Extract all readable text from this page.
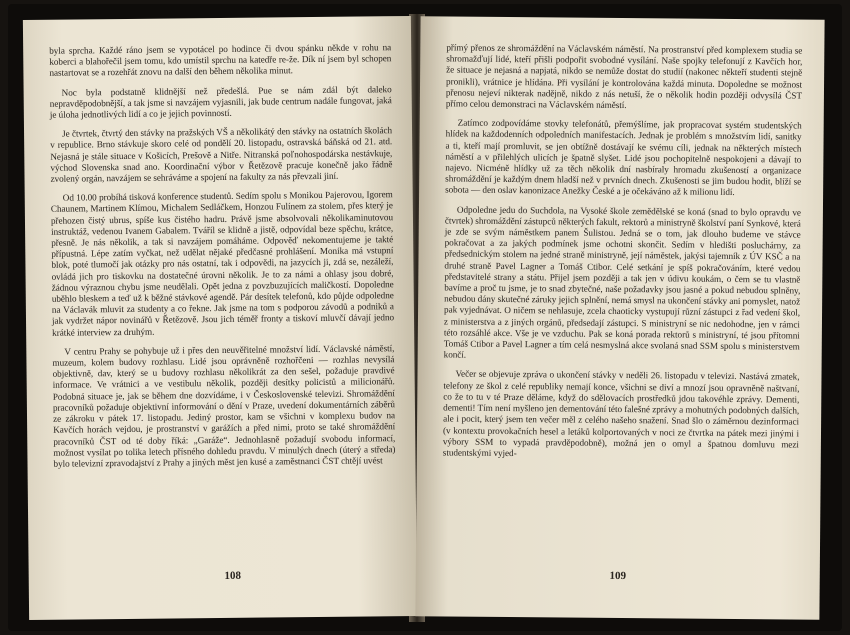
byla sprcha. Každé ráno jsem se vypotácel po hodince či dvou spánku někde v rohu na koberci a blahořečil jsem tomu, kdo umístil sprchu na katedře re-že. Dík ní jsem byl schopen nastartovat se a rozehřát znovu na další den během několika minut.

Noc byla podstatně klidnější než předešlá. Pue se nám zdál být daleko nepravděpodobnější, a tak jsme si navzájem vyjasnili, jak bude centrum nadále fungovat, jaká je úloha jednotlivých lidí a co je jejich povinností.

Je čtvrtek, čtvrtý den stávky na pražských VŠ a několikátý den stávky na ostatních školách v republice. Brno stávkuje skoro celé od pondělí 20. listopadu, ostravská báňská od 21. atd. Nejasná je stále situace v Košicích, Prešově a Nitře. Nitranská poľnohospodárska nestávkuje, východ Slovenska snad ano. Koordinační výbor v Řetězově pracuje konečně jako řádně zvolený orgán, navzájem se sehráváme a spojení na fakulty za nás převzali jiní.

Od 10.00 probíhá tisková konference studentů. Sedím spolu s Monikou Pajerovou, Igorem Chaunem, Martinem Klímou, Michalem Sedláčkem, Honzou Fulínem za stolem, přes který je přehozen čistý ubrus, spíše kus čistého hadru. Právě jsme absolvovali několikaminutovou instruktáž, vedenou Ivanem Gabalem. Tváříl se klidně a jistě, odpovídal beze spěchu, krátce, přesně. Je nás několik, a tak si navzájem pomáháme. Odpověď nekomentujeme je takté přípustná. Lépe zatím vyčkat, než udělat nějaké předčasné prohlášení. Monika má vstupní blok, poté tlumočí jak otázky pro nás ostatní, tak i odpovědi, na jazycích ji, zdá se, nezáleží, ovládá jich pro tiskovku na dostatečné úrovni několik. Je to za námi a ohlasy jsou dobré, žádnou výraznou chybu jsme neudělali. Opět jedna z povzbuzujících maličkostí. Dopoledne uběhlo bleskem a teď už k běžné stávkové agendě. Pár desítek telefonů, kdo půjde odpoledne na Václavák mluvit za studenty a co řekne. Jak jsme na tom s podporou závodů a podniků a jak vydržet nápor novinářů v Řetězově. Jsou jich téměř fronty a tiskoví mluvčí dávají jedno krátké interview za druhým.

V centru Prahy se pohybuje už i přes den neuvěřitelné množství lidí. Václavské náměstí, muzeum, kolem budovy rozhlasu. Lidé jsou oprávněně rozhořčeni — rozhlas nevysílá objektivně, dav, který se u budovy rozhlasu několikrát za den sešel, požaduje pravdivé informace. Ve vrátnici a ve vestibulu několik, později desítky policistů a milicionářů. Podobná situace je, jak se během dne dozvídáme, i v Československé televizi. Shromáždění pracovníků požaduje objektivní informování o dění v Praze, uvedení dokumentárních záběrů ze zákroku v pátek 17. listopadu. Jediný prostor, kam se všichni v komplexu budov na Kavčích horách vejdou, je prostranství v garážích a před nimi, proto se také shromáždění pracovníků ČST od té doby říká: „Garáže“. Jednohlasně požadují svobodu informací, možnost vysílat po tolika letech přísného dohledu pravdu. V minulých dnech (úterý a středa) bylo televizní zpravodajství z Prahy a jiných měst jen kusé a zaměstnanci ČST chtějí uvést

108

přímý přenos ze shromáždění na Václavském náměstí. Na prostranství před komplexem studia se shromažďují lidé, kteří přišli podpořit svobodné vysílání. Naše spojky telefonují z Kavčích hor, že situace je nejasná a napjatá, nikdo se nemůže dostat do studií (nakonec někteří studenti stejně pronikli), vrátnice je hlídána. Při vysílání je kontrolována každá minuta. Dopoledne se možnost přenosu nejeví nikterak nadějně, nikdo z nás netuší, že o několik hodin později odvysílá ČST přímo celou demonstraci na Václavském náměstí.

Zatímco zodpovídáme stovky telefonátů, přemýšlíme, jak propracovat systém studentských hlídek na každodenních odpoledních manifestacích. Jednak je problém s množstvím lidí, sanitky a ti, kteří mají promluvit, se jen obtížně dostávají ke svému cíli, jednak na některých místech náměstí a v přilehlých ulicích je špatně slyšet. Lidé jsou pochopitelně nespokojeni a dávají to najevo. Nicméně hlídky už za těch několik dní nasbíraly hromadu zkušeností a organizace shromáždění je každým dnem hladší než v prvních dnech. Zkušenosti se jim budou hodit, blíží se sobota — den oslav kanonizace Anežky České a je očekáváno až k milionu lidí.

Odpoledne jedu do Suchdola, na Vysoké škole zemědělské se koná (snad to bylo opravdu ve čtvrtek) shromáždění zástupců některých fakult, rektorů a ministryně školství paní Synkové, která je zde se svým náměstkem panem Šulistou. Jedná se o tom, jak dlouho budeme ve stávce pokračovat a za jakých podmínek jsme ochotni skončit. Sedím v hledišti posluchárny, za předsednickým stolem na jedné straně ministryně, její náměstek, jakýsi tajemník z ÚV KSČ a na druhé straně Pavel Lagner a Tomáš Ctibor. Celé setkání je spíš pokračováním, které vedou představitelé strany a státu. Přijel jsem později a tak jen v údivu koukám, o čem se tu vlastně bavíme a proč tu jsme, je to snad zbytečné, naše požadavky jsou jasné a pokud nebudou splněny, nebudou dány skutečné záruky jejich splnění, nemá smysl na ukončení stávky ani pomyslet, natož pak vyjednávat. O ničem se nehlasuje, zcela chaoticky vystupují různí zástupci z řad vedení škol, z ministerstva a z jiných orgánů, předsedají zástupci. S ministryní se nic nedohodne, jen v rámci této rozsáhlé akce. Vše je ve vzduchu. Pak se koná porada rektorů s ministryní, té jsou přítomni Tomáš Ctibor a Pavel Lagner a tím celá nesmyslná akce svolaná snad SSM spolu s ministerstvem končí.

Večer se objevuje zpráva o ukončení stávky v neděli 26. listopadu v televizi. Nastává zmatek, telefony ze škol z celé republiky nemají konce, všichni se diví a mnozí jsou opravněně naštvaní, co že to tu v té Praze děláme, když do sdělovacích prostředků jdou takovéhle zprávy. Dementi, dementi! Tím není myšleno jen dementování této falešné zprávy a mohutných podobných dalších, ale i pocit, který jsem ten večer měl z celého našeho snažení. Snad šlo o záměrnou dezinformaci (v kontextu provokačních hesel a letáků kolportovaných v noci ze čtvrtka na pátek mezi jinými i výbory SSM to vypadá pravděpodobně), možná jen o omyl a špatnou domluvu mezi studentskými vyjed-

109
